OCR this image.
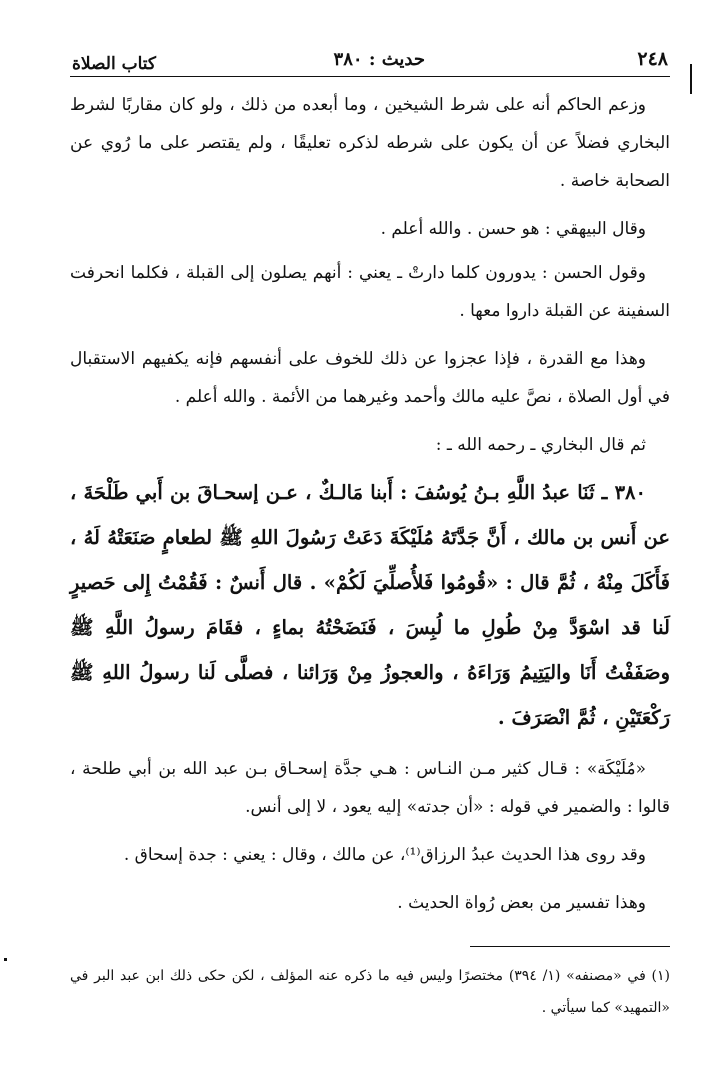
٢٤٨
حديث : ٣٨٠
كتاب الصلاة

وزعم الحاكم أنه على شرط الشيخين ، وما أبعده من ذلك ، ولو كان مقاربًا لشرط البخاري فضلاً عن أن يكون على شرطه لذكره تعليقًا ، ولم يقتصر على ما رُوي عن الصحابة خاصة .

وقال البيهقي : هو حسن . والله أعلم .

وقول الحسن : يدورون كلما دارتْ ـ يعني : أنهم يصلون إلى القبلة ، فكلما انحرفت السفينة عن القبلة داروا معها .

وهذا مع القدرة ، فإذا عجزوا عن ذلك للخوف على أنفسهم فإنه يكفيهم الاستقبال في أول الصلاة ، نصَّ عليه مالك وأحمد وغيرهما من الأئمة . والله أعلم .

ثم قال البخاري ـ رحمه الله ـ :

٣٨٠ ـ ثَنَا عبدُ اللَّهِ بـنُ يُوسُفَ : أَبنا مَالـكٌ ، عـن إسحـاقَ بن أَبي طَلْحَةَ ، عن أَنس بن مالك ، أَنَّ جَدَّتَهُ مُلَيْكَةَ دَعَتْ رَسُولَ اللهِ ﷺ لطعامٍ صَنَعَتْهُ لَهُ ، فَأَكَلَ مِنْهُ ، ثُمَّ قال : «قُومُوا فَلأُصلِّيَ لَكُمْ» . قال أَنسٌ : فَقُمْتُ إِلى حَصيرٍ لَنا قد اسْوَدَّ مِنْ طُولِ ما لُبِسَ ، فَنَضَحْتُهُ بماءٍ ، فقَامَ رسولُ اللَّهِ ﷺ وصَفَفْتُ أَنَا واليَتِيمُ وَرَاءَهُ ، والعجوزُ مِنْ وَرَائنا ، فصلَّى لَنا رسولُ اللهِ ﷺ رَكْعَتَيْنِ ، ثُمَّ انْصَرَفَ .

«مُلَيْكَة» : قـال كثير مـن النـاس : هـي جدَّة إسحـاق بـن عبد الله بن أبي طلحة ، قالوا : والضمير في قوله : «أن جدته» إليه يعود ، لا إلى أنس.

وقد روى هذا الحديث عبدُ الرزاق⁽¹⁾، عن مالك ، وقال : يعني : جدة إسحاق .

وهذا تفسير من بعض رُواة الحديث .

(١) في «مصنفه» (١/ ٣٩٤) مختصرًا وليس فيه ما ذكره عنه المؤلف ، لكن حكى ذلك ابن عبد البر في «التمهيد» كما سيأتي .
